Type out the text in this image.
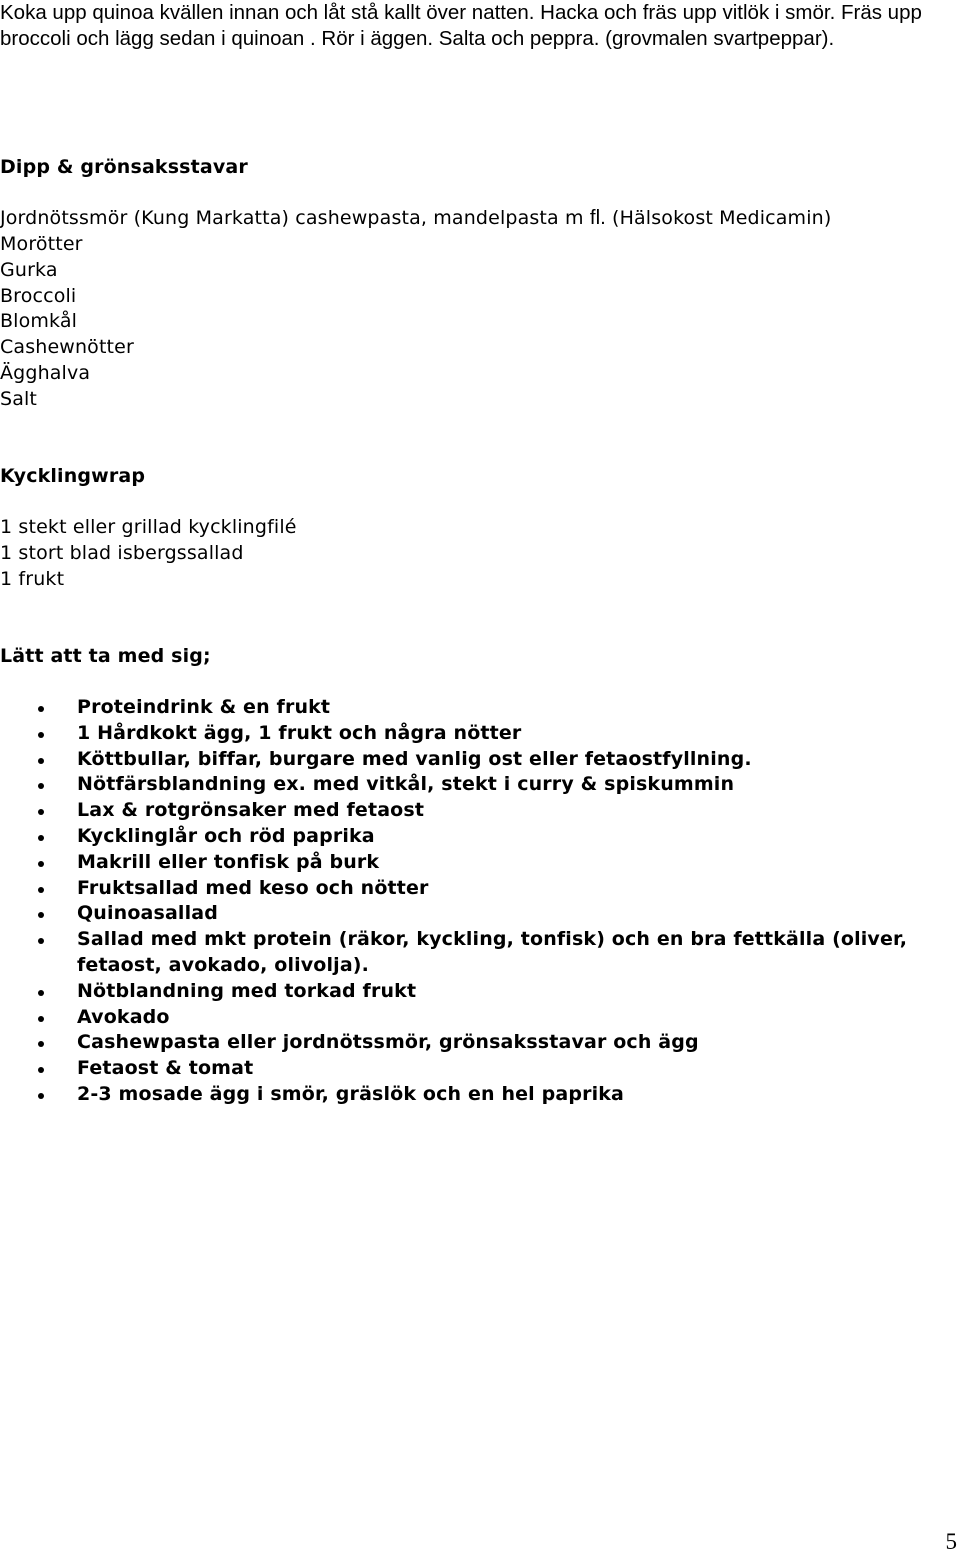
Koka upp quinoa kvällen innan och låt stå kallt över natten. Hacka och fräs upp vitlök i smör. Fräs upp broccoli och lägg sedan i quinoan . Rör i äggen. Salta och peppra. (grovmalen svartpeppar).

Dipp & grönsaksstavar

Jordnötssmör (Kung Markatta) cashewpasta, mandelpasta m fl. (Hälsokost Medicamin)

Morötter
Gurka
Broccoli
Blomkål
Cashewnötter
Ägghalva
Salt
Kycklingwrap
1 stekt eller grillad kycklingfilé
1 stort blad isbergssallad
1 frukt
Lätt att ta med sig;
Proteindrink & en frukt
1 Hårdkokt ägg, 1 frukt och några nötter
Köttbullar, biffar, burgare med vanlig ost eller fetaostfyllning.
Nötfärsblandning ex. med vitkål, stekt i curry & spiskummin
Lax & rotgrönsaker med fetaost
Kycklinglår och röd paprika
Makrill eller tonfisk på burk
Fruktsallad med keso och nötter
Quinoasallad
Sallad med mkt protein (räkor, kyckling, tonfisk) och en bra fettkälla (oliver, fetaost, avokado, olivolja).
Nötblandning med torkad frukt
Avokado
Cashewpasta eller jordnötssmör, grönsaksstavar och ägg
Fetaost & tomat
2-3 mosade ägg i smör, gräslök och en hel paprika

5
